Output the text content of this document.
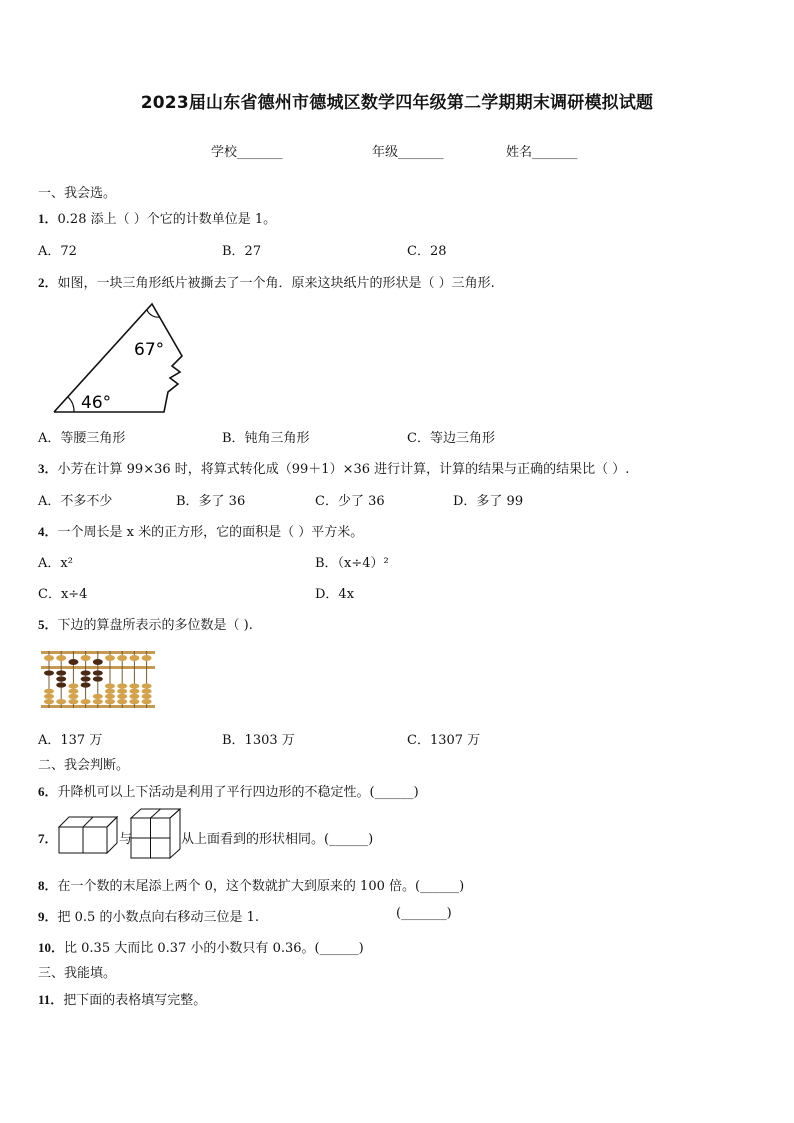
2023届山东省德州市德城区数学四年级第二学期期末调研模拟试题
学校_______	年级_______	姓名_______
一、我会选。
1．0.28 添上（ ）个它的计数单位是 1。
A．72	B．27	C．28
2．如图，一块三角形纸片被撕去了一个角．原来这块纸片的形状是（ ）三角形.
67°
46°
A．等腰三角形	B．钝角三角形	C．等边三角形
3．小芳在计算 99×36 时，将算式转化成（99＋1）×36 进行计算，计算的结果与正确的结果比（ ）.
A．不多不少	B．多了 36	C．少了 36	D．多了 99
4．一个周长是 x 米的正方形，它的面积是（ ）平方米。
A．x²	B．（x÷4）²
C．x÷4	D．4x
5．下边的算盘所表示的多位数是（ ).
A．137 万	B．1303 万	C．1307 万
二、我会判断。
6．升降机可以上下活动是利用了平行四边形的不稳定性。(______)
7．	与	从上面看到的形状相同。(______)
8．在一个数的末尾添上两个 0，这个数就扩大到原来的 100 倍。(______)
9．把 0.5 的小数点向右移动三位是 1.	(_______)
10．比 0.35 大而比 0.37 小的小数只有 0.36。(______)
三、我能填。
11．把下面的表格填写完整。
